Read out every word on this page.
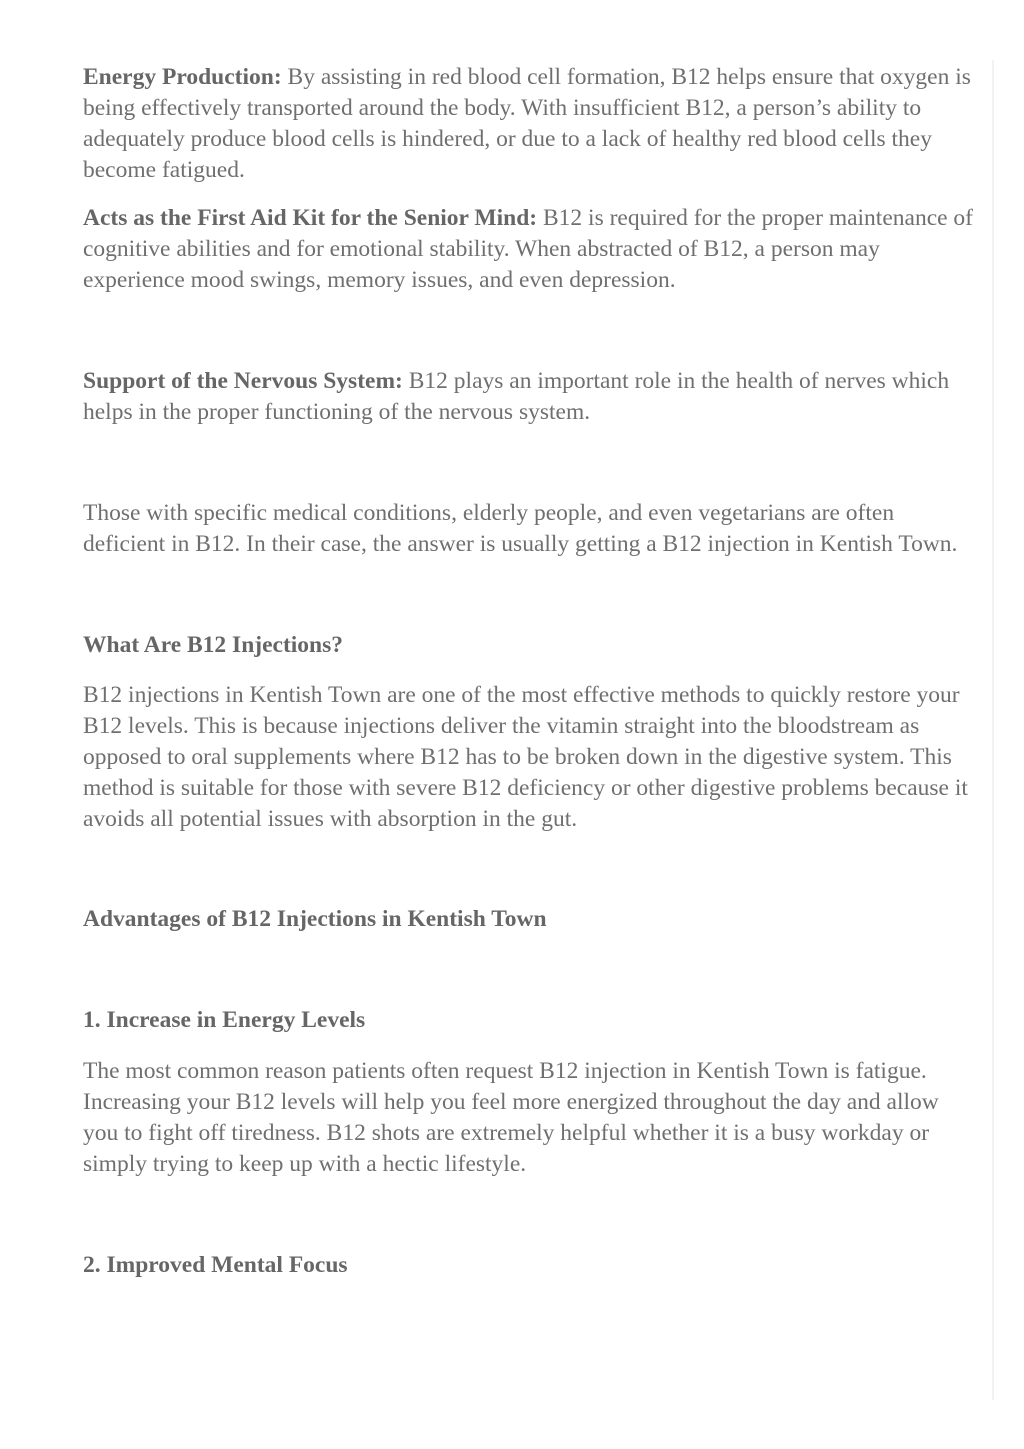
Energy Production: By assisting in red blood cell formation, B12 helps ensure that oxygen is being effectively transported around the body. With insufficient B12, a person’s ability to adequately produce blood cells is hindered, or due to a lack of healthy red blood cells they become fatigued.

Acts as the First Aid Kit for the Senior Mind: B12 is required for the proper maintenance of cognitive abilities and for emotional stability. When abstracted of B12, a person may experience mood swings, memory issues, and even depression.

Support of the Nervous System: B12 plays an important role in the health of nerves which helps in the proper functioning of the nervous system.

Those with specific medical conditions, elderly people, and even vegetarians are often deficient in B12. In their case, the answer is usually getting a B12 injection in Kentish Town.

What Are B12 Injections?

B12 injections in Kentish Town are one of the most effective methods to quickly restore your B12 levels. This is because injections deliver the vitamin straight into the bloodstream as opposed to oral supplements where B12 has to be broken down in the digestive system. This method is suitable for those with severe B12 deficiency or other digestive problems because it avoids all potential issues with absorption in the gut.

Advantages of B12 Injections in Kentish Town

1. Increase in Energy Levels

The most common reason patients often request B12 injection in Kentish Town is fatigue. Increasing your B12 levels will help you feel more energized throughout the day and allow you to fight off tiredness. B12 shots are extremely helpful whether it is a busy workday or simply trying to keep up with a hectic lifestyle.

2. Improved Mental Focus
